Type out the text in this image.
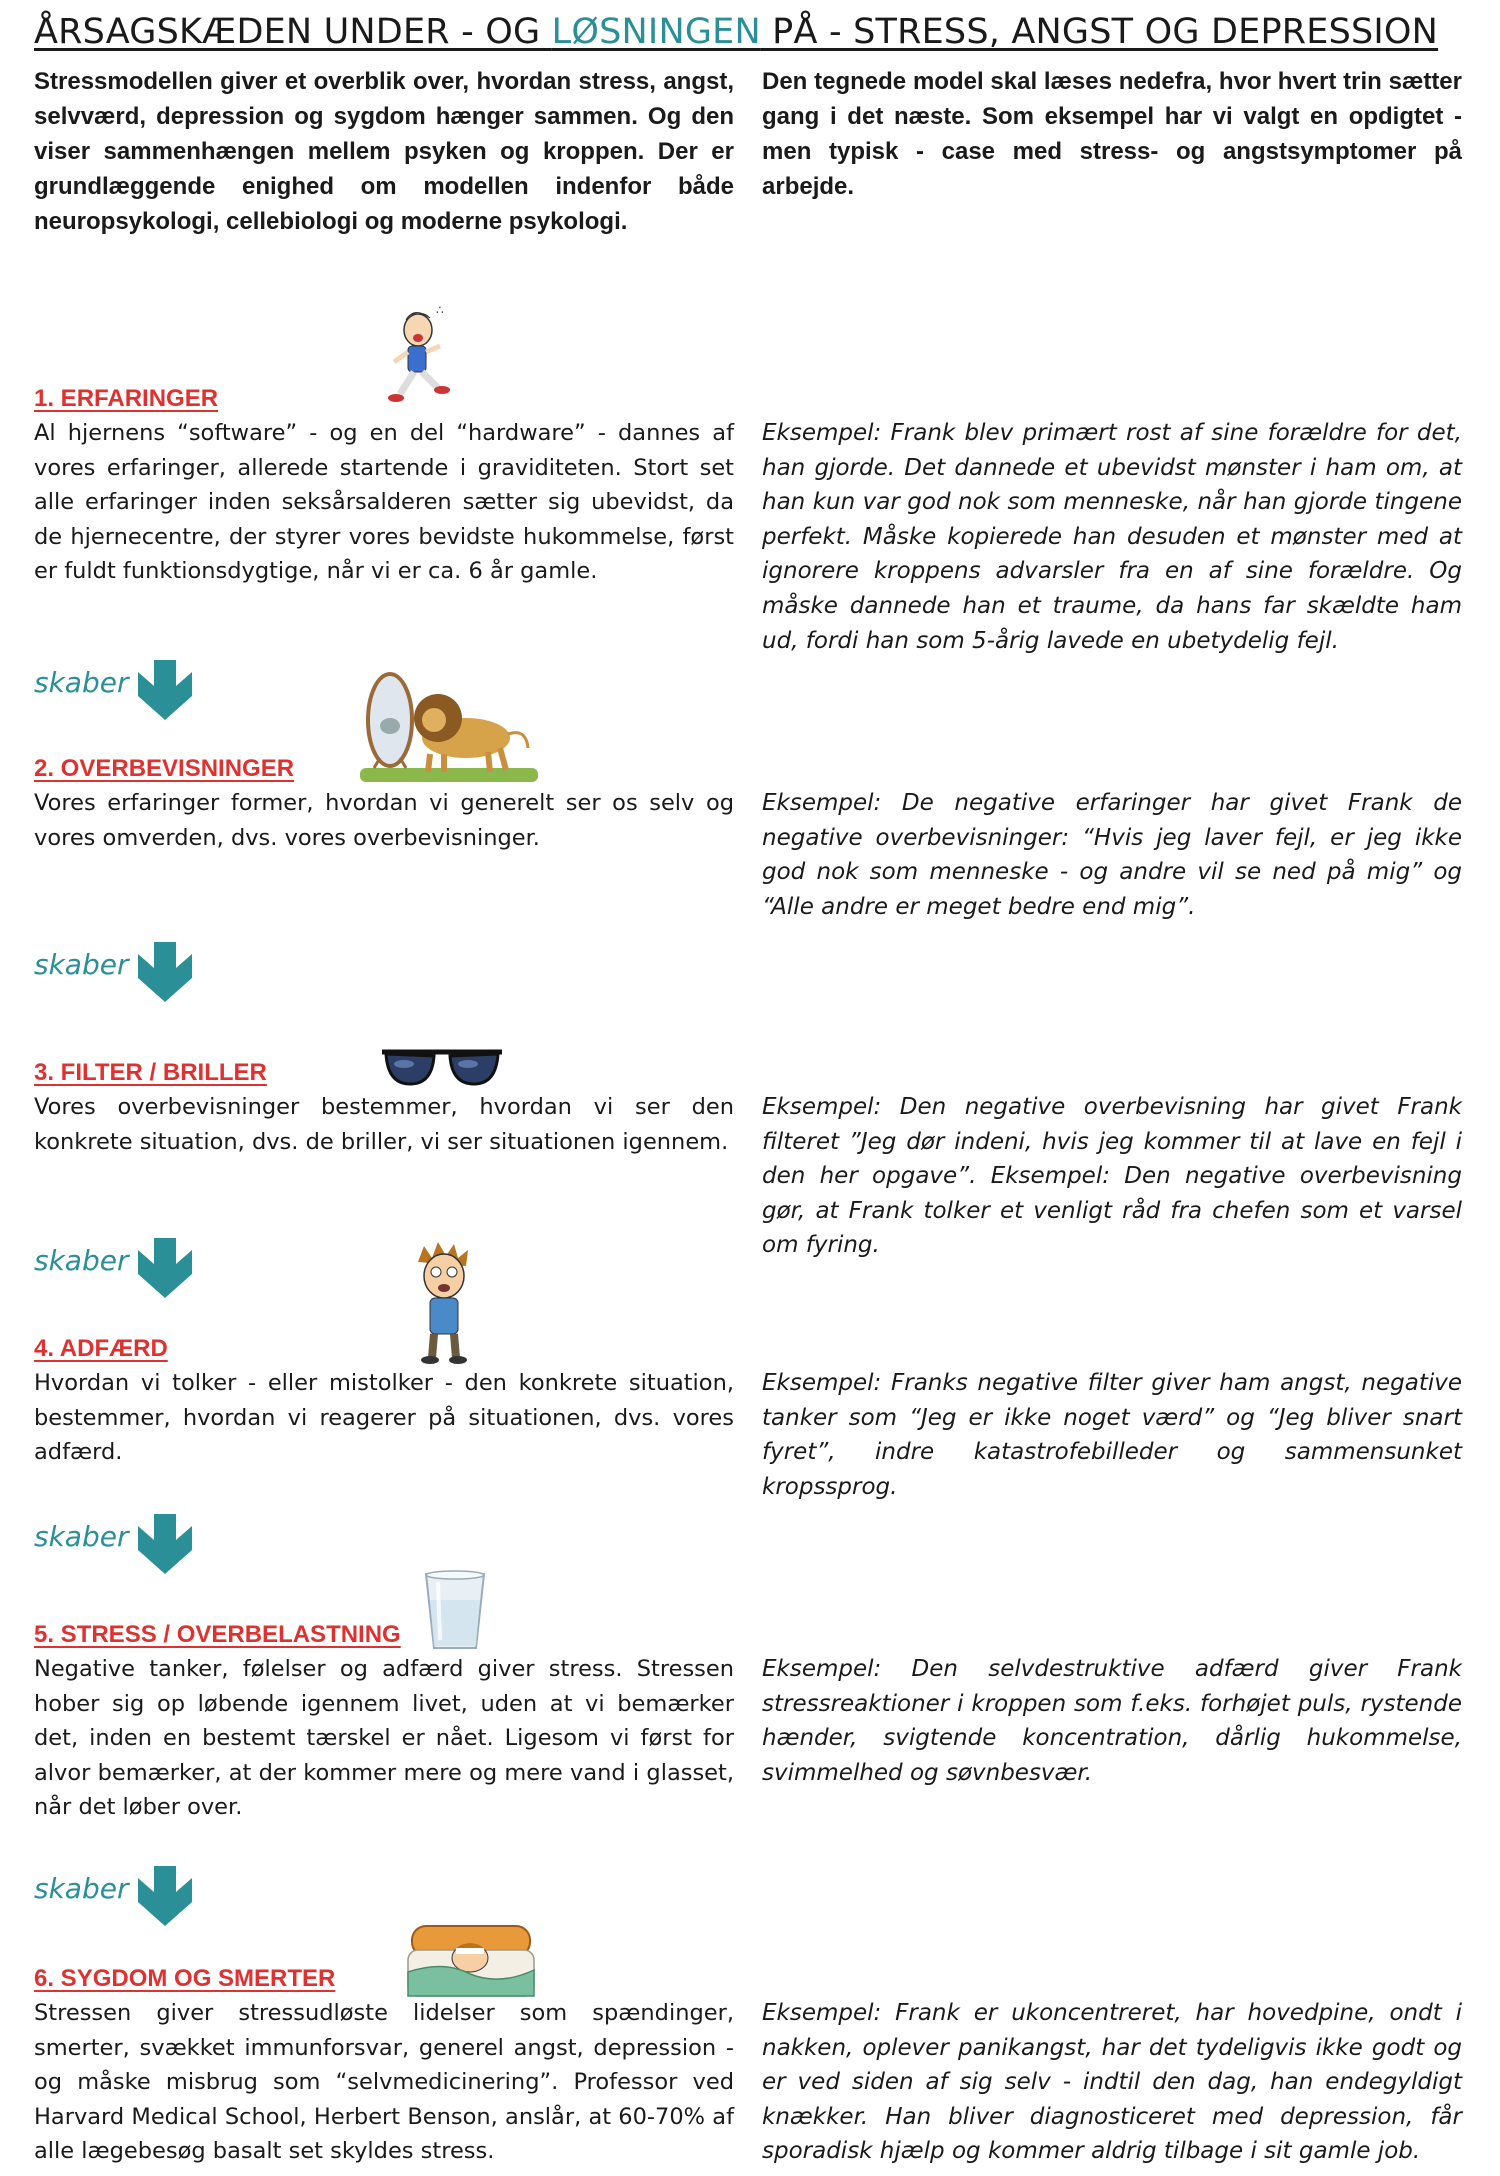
ÅRSAGSKÆDEN UNDER - OG LØSNINGEN PÅ - STRESS, ANGST OG DEPRESSION
Stressmodellen giver et overblik over, hvordan stress, angst, selvværd, depression og sygdom hænger sammen. Og den viser sammenhængen mellem psyken og kroppen. Der er grundlæggende enighed om modellen indenfor både neuropsykologi, cellebiologi og moderne psykologi.
Den tegnede model skal læses nedefra, hvor hvert trin sætter gang i det næste. Som eksempel har vi valgt en opdigtet - men typisk - case med stress- og angstsymptomer på arbejde.
∴
1. ERFARINGER
Al hjernens “software” - og en del “hardware” - dannes af vores erfaringer, allerede startende i graviditeten. Stort set alle erfaringer inden seksårsalderen sætter sig ubevidst, da de hjernecentre, der styrer vores bevidste hukommelse, først er fuldt funktionsdygtige, når vi er ca. 6 år gamle.
Eksempel: Frank blev primært rost af sine forældre for det, han gjorde. Det dannede et ubevidst mønster i ham om, at han kun var god nok som menneske, når han gjorde tingene perfekt. Måske kopierede han desuden et mønster med at ignorere kroppens advarsler fra en af sine forældre. Og måske dannede han et traume, da hans far skældte ham ud, fordi han som 5-årig lavede en ubetydelig fejl.
skaber
2. OVERBEVISNINGER
Vores erfaringer former, hvordan vi generelt ser os selv og vores omverden, dvs. vores overbevisninger.
Eksempel: De negative erfaringer har givet Frank de negative overbevisninger: “Hvis jeg laver fejl, er jeg ikke god nok som menneske - og andre vil se ned på mig” og “Alle andre er meget bedre end mig”.
skaber
3. FILTER / BRILLER
Vores overbevisninger bestemmer, hvordan vi ser den konkrete situation, dvs. de briller, vi ser situationen igennem.
Eksempel: Den negative overbevisning har givet Frank filteret ”Jeg dør indeni, hvis jeg kommer til at lave en fejl i den her opgave”. Eksempel: Den negative overbevisning gør, at Frank tolker et venligt råd fra chefen som et varsel om fyring.
skaber
4. ADFÆRD
Hvordan vi tolker - eller mistolker - den konkrete situation, bestemmer, hvordan vi reagerer på situationen, dvs. vores adfærd.
Eksempel: Franks negative filter giver ham angst, negative tanker som “Jeg er ikke noget værd” og “Jeg bliver snart fyret”, indre katastrofebilleder og sammensunket kropssprog.
skaber
5. STRESS / OVERBELASTNING
Negative tanker, følelser og adfærd giver stress. Stressen hober sig op løbende igennem livet, uden at vi bemærker det, inden en bestemt tærskel er nået. Ligesom vi først for alvor bemærker, at der kommer mere og mere vand i glasset, når det løber over.
Eksempel: Den selvdestruktive adfærd giver Frank stressreaktioner i kroppen som f.eks. forhøjet puls, rystende hænder, svigtende koncentration, dårlig hukommelse, svimmelhed og søvnbesvær.
skaber
6. SYGDOM OG SMERTER
Stressen giver stressudløste lidelser som spændinger, smerter, svækket immunforsvar, generel angst, depression - og måske misbrug som “selvmedicinering”. Professor ved Harvard Medical School, Herbert Benson, anslår, at 60-70% af alle lægebesøg basalt set skyldes stress.
Eksempel: Frank er ukoncentreret, har hovedpine, ondt i nakken, oplever panikangst, har det tydeligvis ikke godt og er ved siden af sig selv - indtil den dag, han endegyldigt knækker. Han bliver diagnosticeret med depression, får sporadisk hjælp og kommer aldrig tilbage i sit gamle job.
